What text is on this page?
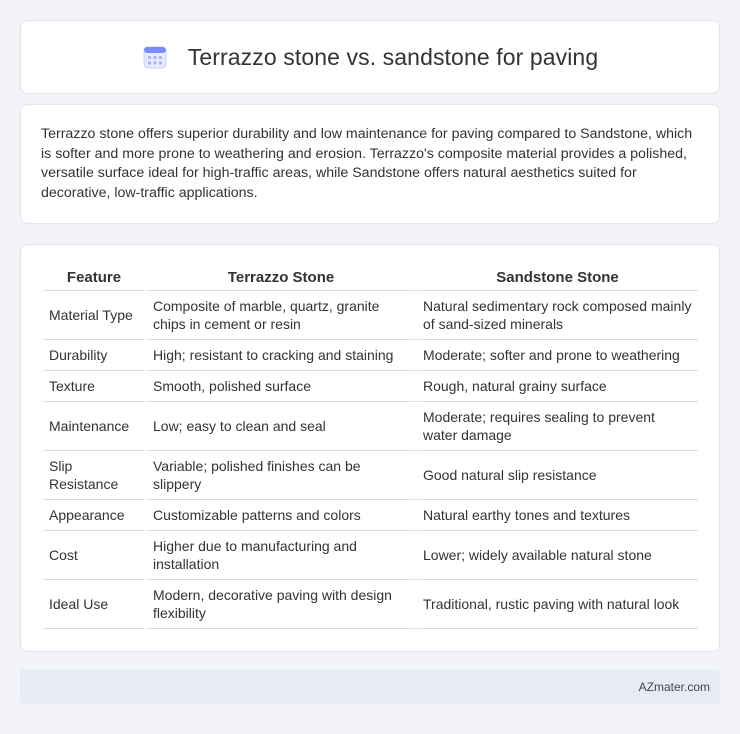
Terrazzo stone vs. sandstone for paving

Terrazzo stone offers superior durability and low maintenance for paving compared to Sandstone, which is softer and more prone to weathering and erosion. Terrazzo's composite material provides a polished, versatile surface ideal for high-traffic areas, while Sandstone offers natural aesthetics suited for decorative, low-traffic applications.

Feature	Terrazzo Stone	Sandstone Stone
Material Type	Composite of marble, quartz, granite chips in cement or resin	Natural sedimentary rock composed mainly of sand-sized minerals
Durability	High; resistant to cracking and staining	Moderate; softer and prone to weathering
Texture	Smooth, polished surface	Rough, natural grainy surface
Maintenance	Low; easy to clean and seal	Moderate; requires sealing to prevent water damage
Slip Resistance	Variable; polished finishes can be slippery	Good natural slip resistance
Appearance	Customizable patterns and colors	Natural earthy tones and textures
Cost	Higher due to manufacturing and installation	Lower; widely available natural stone
Ideal Use	Modern, decorative paving with design flexibility	Traditional, rustic paving with natural look
AZmater.com
